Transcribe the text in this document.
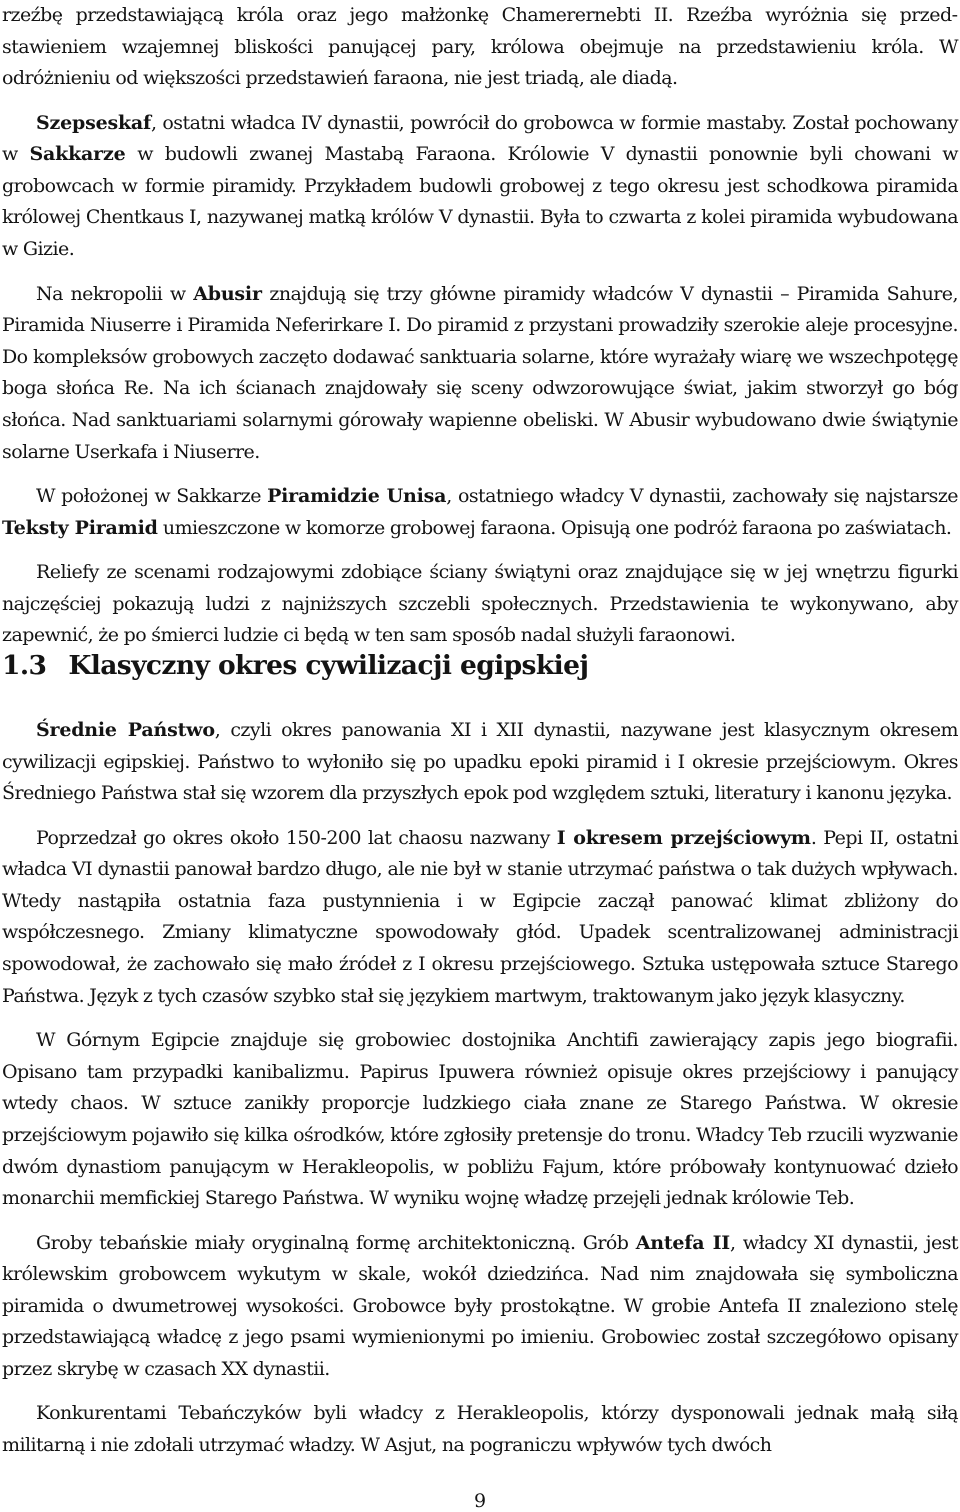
rzeźbę przedstawiającą króla oraz jego małżonkę Chamerernebti II. Rzeźba wyróżnia się przedstawieniem wzajemnej bliskości panującej pary, królowa obejmuje na przedstawieniu króla. W odróżnieniu od większości przedstawień faraona, nie jest triadą, ale diadą.

Szepseskaf, ostatni władca IV dynastii, powrócił do grobowca w formie mastaby. Został pochowany w Sakkarze w budowli zwanej Mastabą Faraona. Królowie V dynastii ponownie byli chowani w grobowcach w formie piramidy. Przykładem budowli grobowej z tego okresu jest schodkowa piramida królowej Chentkaus I, nazywanej matką królów V dynastii. Była to czwarta z kolei piramida wybudowana w Gizie.

Na nekropolii w Abusir znajdują się trzy główne piramidy władców V dynastii – Piramida Sahure, Piramida Niuserre i Piramida Neferirkare I. Do piramid z przystani prowadziły szerokie aleje procesyjne. Do kompleksów grobowych zaczęto dodawać sanktuaria solarne, które wyrażały wiarę we wszechpotęgę boga słońca Re. Na ich ścianach znajdowały się sceny odwzorowujące świat, jakim stworzył go bóg słońca. Nad sanktuariami solarnymi górowały wapienne obeliski. W Abusir wybudowano dwie świątynie solarne Userkafa i Niuserre.

W położonej w Sakkarze Piramidzie Unisa, ostatniego władcy V dynastii, zachowały się najstarsze Teksty Piramid umieszczone w komorze grobowej faraona. Opisują one podróż faraona po zaświatach.

Reliefy ze scenami rodzajowymi zdobiące ściany świątyni oraz znajdujące się w jej wnętrzu figurki najczęściej pokazują ludzi z najniższych szczebli społecznych. Przedstawienia te wykonywano, aby zapewnić, że po śmierci ludzie ci będą w ten sam sposób nadal służyli faraonowi.

1.3 Klasyczny okres cywilizacji egipskiej

Średnie Państwo, czyli okres panowania XI i XII dynastii, nazywane jest klasycznym okresem cywilizacji egipskiej. Państwo to wyłoniło się po upadku epoki piramid i I okresie przejściowym. Okres Średniego Państwa stał się wzorem dla przyszłych epok pod względem sztuki, literatury i kanonu języka.

Poprzedzał go okres około 150-200 lat chaosu nazwany I okresem przejściowym. Pepi II, ostatni władca VI dynastii panował bardzo długo, ale nie był w stanie utrzymać państwa o tak dużych wpływach. Wtedy nastąpiła ostatnia faza pustynnienia i w Egipcie zaczął panować klimat zbliżony do współczesnego. Zmiany klimatyczne spowodowały głód. Upadek scentralizowanej administracji spowodował, że zachowało się mało źródeł z I okresu przejściowego. Sztuka ustępowała sztuce Starego Państwa. Język z tych czasów szybko stał się językiem martwym, traktowanym jako język klasyczny.

W Górnym Egipcie znajduje się grobowiec dostojnika Anchtifi zawierający zapis jego biografii. Opisano tam przypadki kanibalizmu. Papirus Ipuwera również opisuje okres przejściowy i panujący wtedy chaos. W sztuce zanikły proporcje ludzkiego ciała znane ze Starego Państwa. W okresie przejściowym pojawiło się kilka ośrodków, które zgłosiły pretensje do tronu. Władcy Teb rzucili wyzwanie dwóm dynastiom panującym w Herakleopolis, w pobliżu Fajum, które próbowały kontynuować dzieło monarchii memfickiej Starego Państwa. W wyniku wojnę władzę przejęli jednak królowie Teb.

Groby tebańskie miały oryginalną formę architektoniczną. Grób Antefa II, władcy XI dynastii, jest królewskim grobowcem wykutym w skale, wokół dziedzińca. Nad nim znajdowała się symboliczna piramida o dwumetrowej wysokości. Grobowce były prostokątne. W grobie Antefa II znaleziono stelę przedstawiającą władcę z jego psami wymienionymi po imieniu. Grobowiec został szczegółowo opisany przez skrybę w czasach XX dynastii.

Konkurentami Tebańczyków byli władcy z Herakleopolis, którzy dysponowali jednak małą siłą militarną i nie zdołali utrzymać władzy. W Asjut, na pograniczu wpływów tych dwóch

9
